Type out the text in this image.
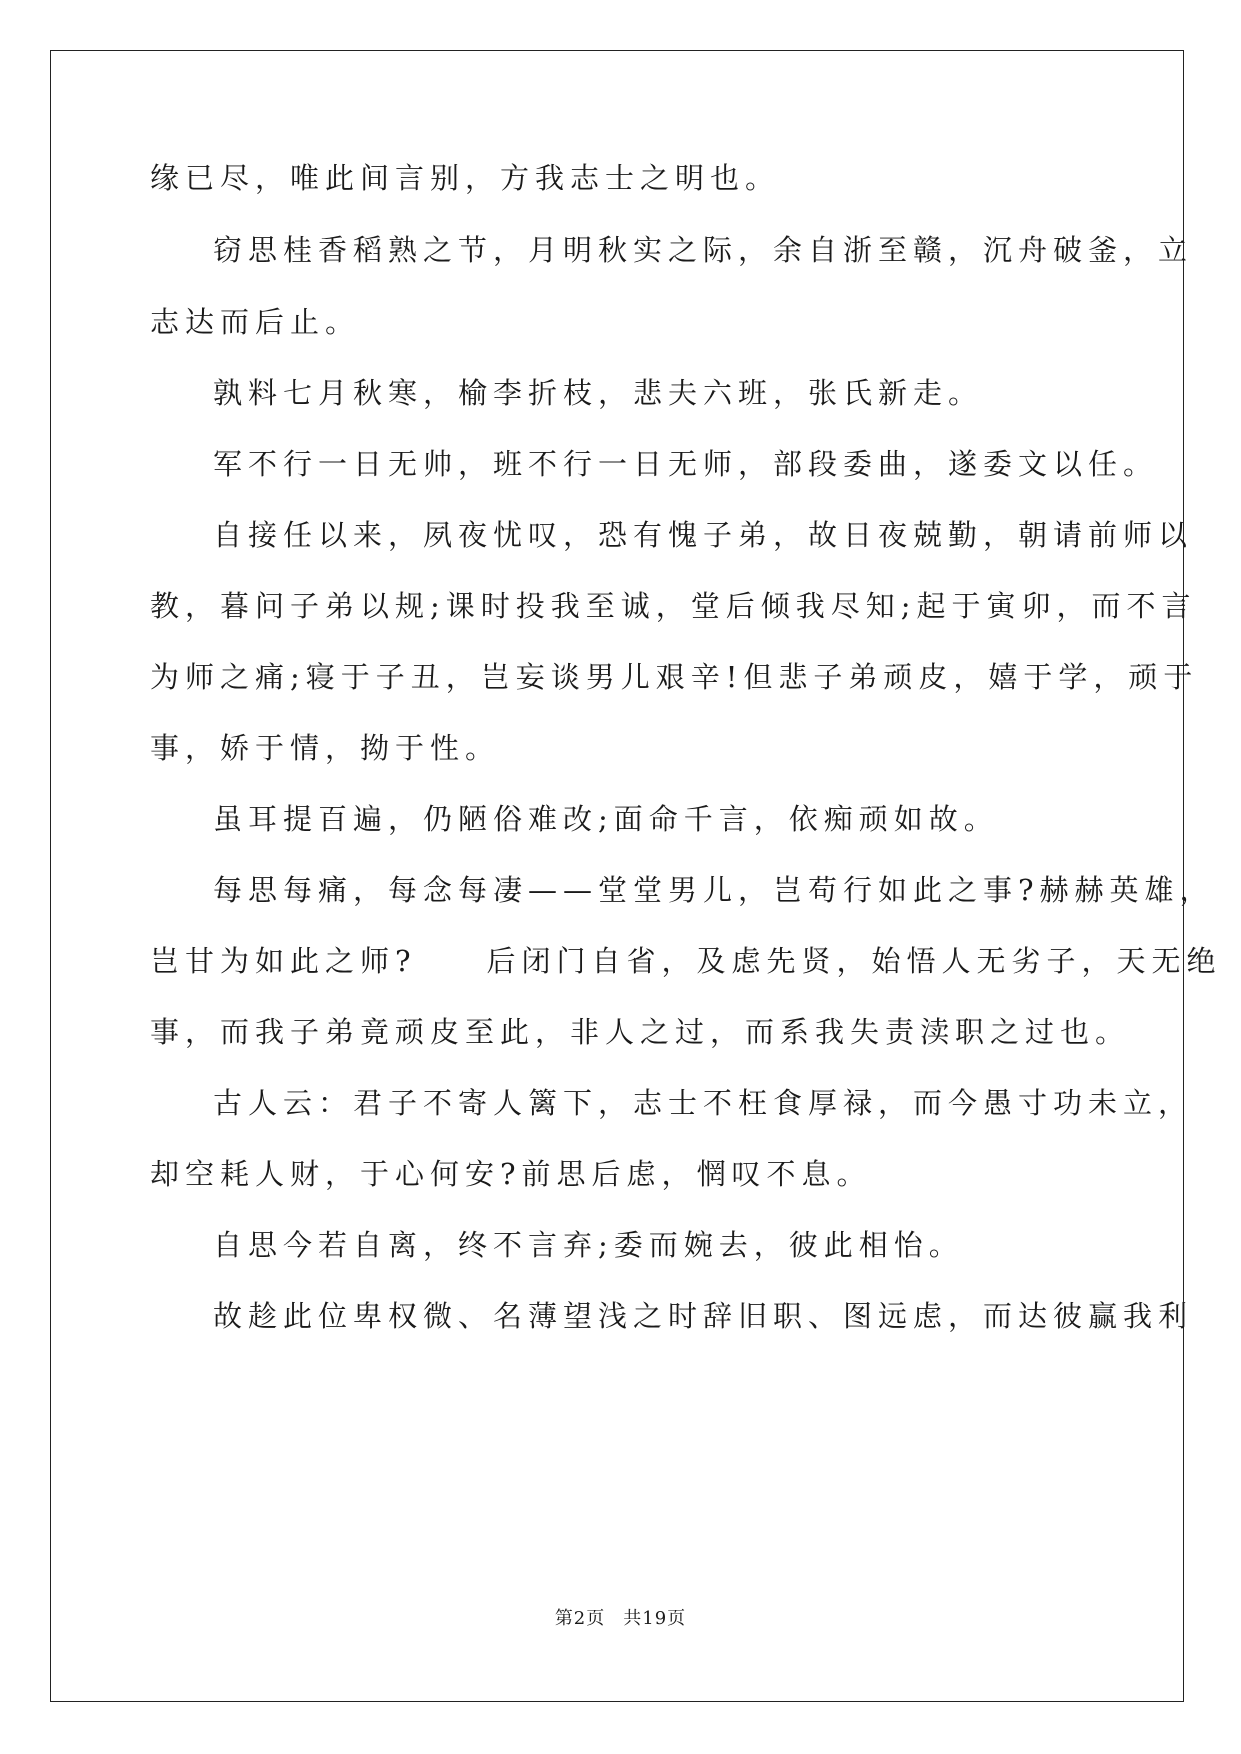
缘已尽，唯此间言别，方我志士之明也。
窃思桂香稻熟之节，月明秋实之际，余自浙至赣，沉舟破釜，立
志达而后止。
孰料七月秋寒，榆李折枝，悲夫六班，张氏新走。
军不行一日无帅，班不行一日无师，部段委曲，遂委文以任。
自接任以来，夙夜忧叹，恐有愧子弟，故日夜兢勤，朝请前师以
教，暮问子弟以规;课时投我至诚，堂后倾我尽知;起于寅卯，而不言
为师之痛;寝于子丑，岂妄谈男儿艰辛!但悲子弟顽皮，嬉于学，顽于
事，娇于情，拗于性。
虽耳提百遍，仍陋俗难改;面命千言，依痴顽如故。
每思每痛，每念每凄——堂堂男儿，岂苟行如此之事?赫赫英雄，
岂甘为如此之师?　　后闭门自省，及虑先贤，始悟人无劣子，天无绝
事，而我子弟竟顽皮至此，非人之过，而系我失责渎职之过也。
古人云：君子不寄人篱下，志士不枉食厚禄，而今愚寸功未立，
却空耗人财，于心何安?前思后虑，惘叹不息。
自思今若自离，终不言弃;委而婉去，彼此相怡。
故趁此位卑权微、名薄望浅之时辞旧职、图远虑，而达彼赢我利
第2页 共19页
